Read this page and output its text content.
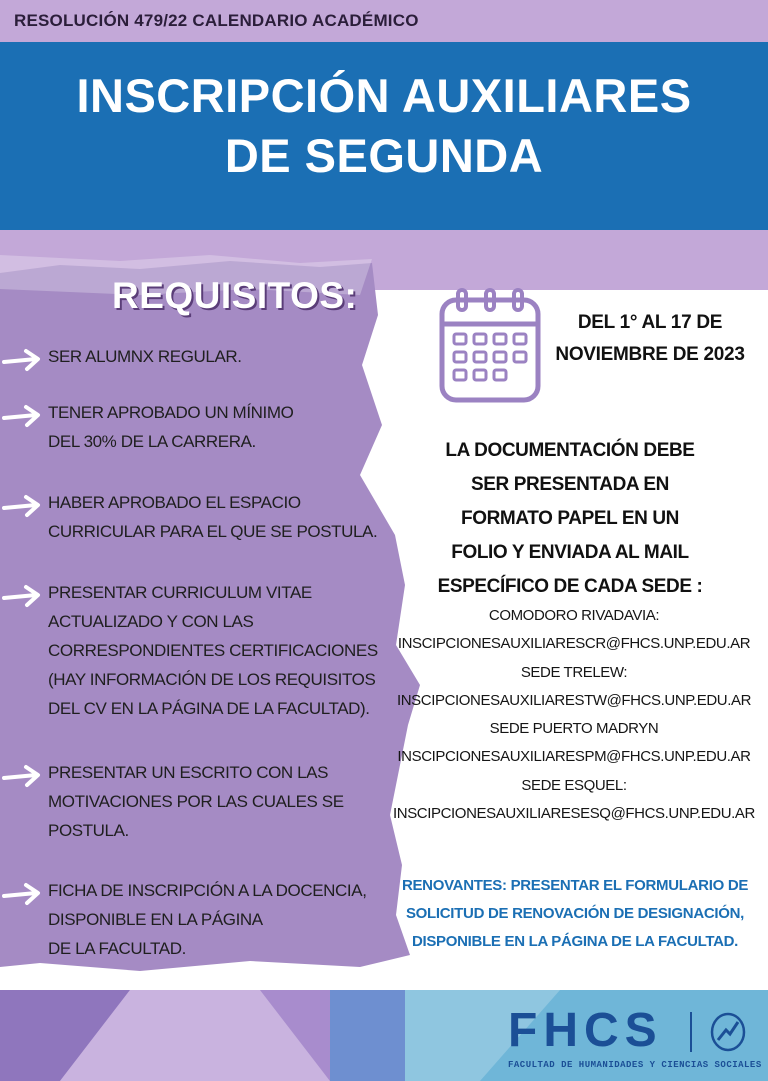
RESOLUCIÓN 479/22 CALENDARIO ACADÉMICO
INSCRIPCIÓN AUXILIARES
DE SEGUNDA
REQUISITOS:
SER ALUMNX REGULAR.
TENER APROBADO UN MÍNIMO
DEL 30% DE LA CARRERA.
HABER APROBADO EL ESPACIO
CURRICULAR PARA EL QUE SE POSTULA.
PRESENTAR CURRICULUM VITAE
ACTUALIZADO Y CON LAS
CORRESPONDIENTES CERTIFICACIONES
(HAY INFORMACIÓN DE LOS REQUISITOS
DEL CV EN LA PÁGINA DE LA FACULTAD).
PRESENTAR UN ESCRITO CON LAS
MOTIVACIONES POR LAS CUALES SE
POSTULA.
FICHA DE INSCRIPCIÓN A LA DOCENCIA,
DISPONIBLE EN LA PÁGINA
DE LA FACULTAD.
DEL 1° AL 17 DE
NOVIEMBRE DE 2023
LA DOCUMENTACIÓN DEBE
SER PRESENTADA EN
FORMATO PAPEL EN UN
FOLIO Y ENVIADA AL MAIL
ESPECÍFICO DE CADA SEDE :
COMODORO RIVADAVIA:
INSCIPCIONESAUXILIARESCR@FHCS.UNP.EDU.AR
SEDE TRELEW:
INSCIPCIONESAUXILIARESTW@FHCS.UNP.EDU.AR
SEDE PUERTO MADRYN
INSCIPCIONESAUXILIARESPM@FHCS.UNP.EDU.AR
SEDE ESQUEL:
INSCIPCIONESAUXILIARESESQ@FHCS.UNP.EDU.AR
RENOVANTES: PRESENTAR EL FORMULARIO DE
SOLICITUD DE RENOVACIÓN DE DESIGNACIÓN,
DISPONIBLE EN LA PÁGINA DE LA FACULTAD.
FHCS
FACULTAD DE HUMANIDADES Y CIENCIAS SOCIALES
